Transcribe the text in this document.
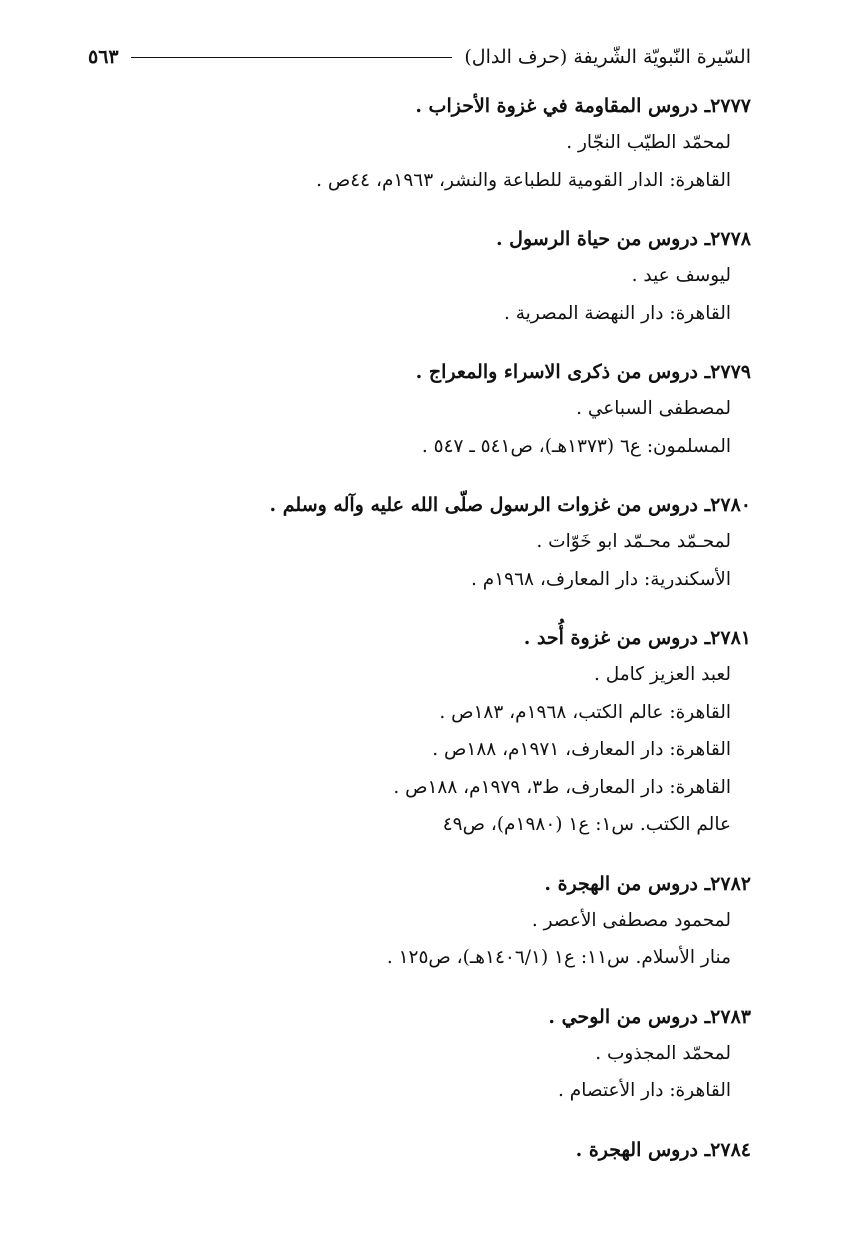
السّيرة النّبويّة الشّريفة (حرف الدال)
٥٦٣
٢٧٧٧ـ دروس المقاومة في غزوة الأحزاب .
لمحمّد الطيّب النجّار .
القاهرة: الدار القومية للطباعة والنشر، ١٩٦٣م، ٤٤ص .
٢٧٧٨ـ دروس من حياة الرسول .
ليوسف عيد .
القاهرة: دار النهضة المصرية .
٢٧٧٩ـ دروس من ذكرى الاسراء والمعراج .
لمصطفى السباعي .
المسلمون: ع٦ (١٣٧٣هـ)، ص٥٤١ ـ ٥٤٧ .
٢٧٨٠ـ دروس من غزوات الرسول صلّى الله عليه وآله وسلم .
لمحـمّد محـمّد ابو خَوّات .
الأسكندرية: دار المعارف، ١٩٦٨م .
٢٧٨١ـ دروس من غزوة أُحد .
لعبد العزيز كامل .
القاهرة: عالم الكتب، ١٩٦٨م، ١٨٣ص .
القاهرة: دار المعارف، ١٩٧١م، ١٨٨ص .
القاهرة: دار المعارف، ط٣، ١٩٧٩م، ١٨٨ص .
عالم الكتب. س١: ع١ (١٩٨٠م)، ص٤٩
٢٧٨٢ـ دروس من الهجرة .
لمحمود مصطفى الأعصر .
منار الأسلام. س١١: ع١ (١٤٠٦/١هـ)، ص١٢٥ .
٢٧٨٣ـ دروس من الوحي .
لمحمّد المجذوب .
القاهرة: دار الأعتصام .
٢٧٨٤ـ دروس الهجرة .
